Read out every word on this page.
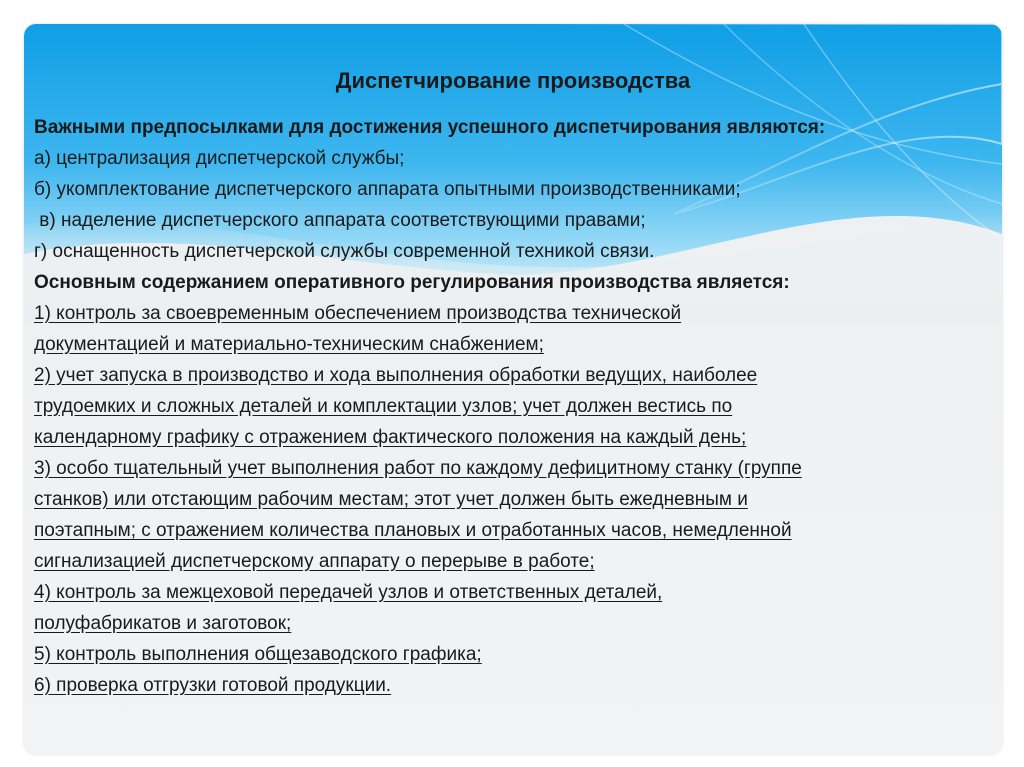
Диспетчирование производства
Важными предпосылками для достижения успешного диспетчирования являются:
а) централизация диспетчерской службы;
б) укомплектование диспетчерского аппарата опытными производственниками;
в) наделение диспетчерского аппарата соответствующими правами;
г) оснащенность диспетчерской службы современной техникой связи.
Основным содержанием оперативного регулирования производства является:
1) контроль за своевременным обеспечением производства технической
документацией и материально-техническим снабжением;
2) учет запуска в производство и хода выполнения обработки ведущих, наиболее
трудоемких и сложных деталей и комплектации узлов; учет должен вестись по
календарному графику с отражением фактического положения на каждый день;
3) особо тщательный учет выполнения работ по каждому дефицитному станку (группе
станков) или отстающим рабочим местам; этот учет должен быть ежедневным и
поэтапным; с отражением количества плановых и отработанных часов, немедленной
сигнализацией диспетчерскому аппарату о перерыве в работе;
4) контроль за межцеховой передачей узлов и ответственных деталей,
полуфабрикатов и заготовок;
5) контроль выполнения общезаводского графика;
6) проверка отгрузки готовой продукции.
